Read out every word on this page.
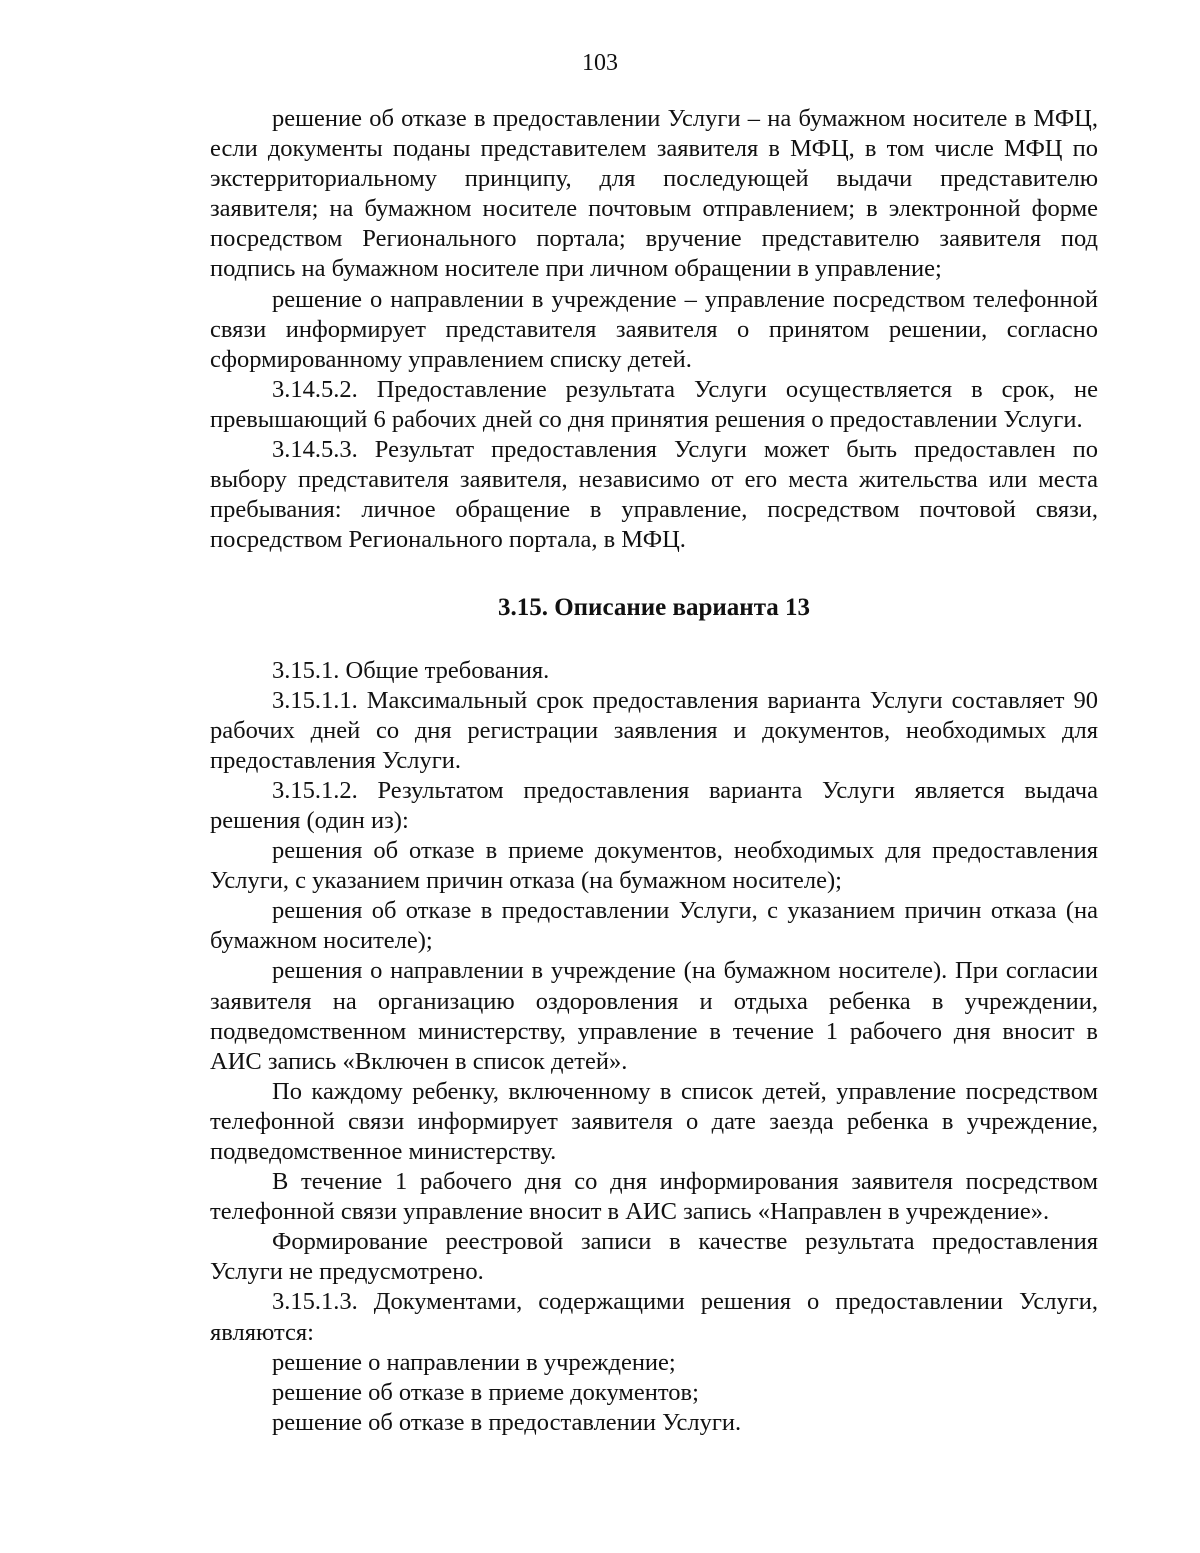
103

решение об отказе в предоставлении Услуги – на бумажном носителе в МФЦ, если документы поданы представителем заявителя в МФЦ, в том числе МФЦ по экстерриториальному принципу, для последующей выдачи представителю заявителя; на бумажном носителе почтовым отправлением; в электронной форме посредством Регионального портала; вручение представителю заявителя под подпись на бумажном носителе при личном обращении в управление;

решение о направлении в учреждение – управление посредством телефонной связи информирует представителя заявителя о принятом решении, согласно сформированному управлением списку детей.

3.14.5.2. Предоставление результата Услуги осуществляется в срок, не превышающий 6 рабочих дней со дня принятия решения о предоставлении Услуги.

3.14.5.3. Результат предоставления Услуги может быть предоставлен по выбору представителя заявителя, независимо от его места жительства или места пребывания: личное обращение в управление, посредством почтовой связи, посредством Регионального портала, в МФЦ.

3.15. Описание варианта 13

3.15.1. Общие требования.

3.15.1.1. Максимальный срок предоставления варианта Услуги составляет 90 рабочих дней со дня регистрации заявления и документов, необходимых для предоставления Услуги.

3.15.1.2. Результатом предоставления варианта Услуги является выдача решения (один из):

решения об отказе в приеме документов, необходимых для предоставления Услуги, с указанием причин отказа (на бумажном носителе);

решения об отказе в предоставлении Услуги, с указанием причин отказа (на бумажном носителе);

решения о направлении в учреждение (на бумажном носителе). При согласии заявителя на организацию оздоровления и отдыха ребенка в учреждении, подведомственном министерству, управление в течение 1 рабочего дня вносит в АИС запись «Включен в список детей».

По каждому ребенку, включенному в список детей, управление посредством телефонной связи информирует заявителя о дате заезда ребенка в учреждение, подведомственное министерству.

В течение 1 рабочего дня со дня информирования заявителя посредством телефонной связи управление вносит в АИС запись «Направлен в учреждение».

Формирование реестровой записи в качестве результата предоставления Услуги не предусмотрено.

3.15.1.3. Документами, содержащими решения о предоставлении Услуги, являются:

решение о направлении в учреждение;

решение об отказе в приеме документов;

решение об отказе в предоставлении Услуги.
